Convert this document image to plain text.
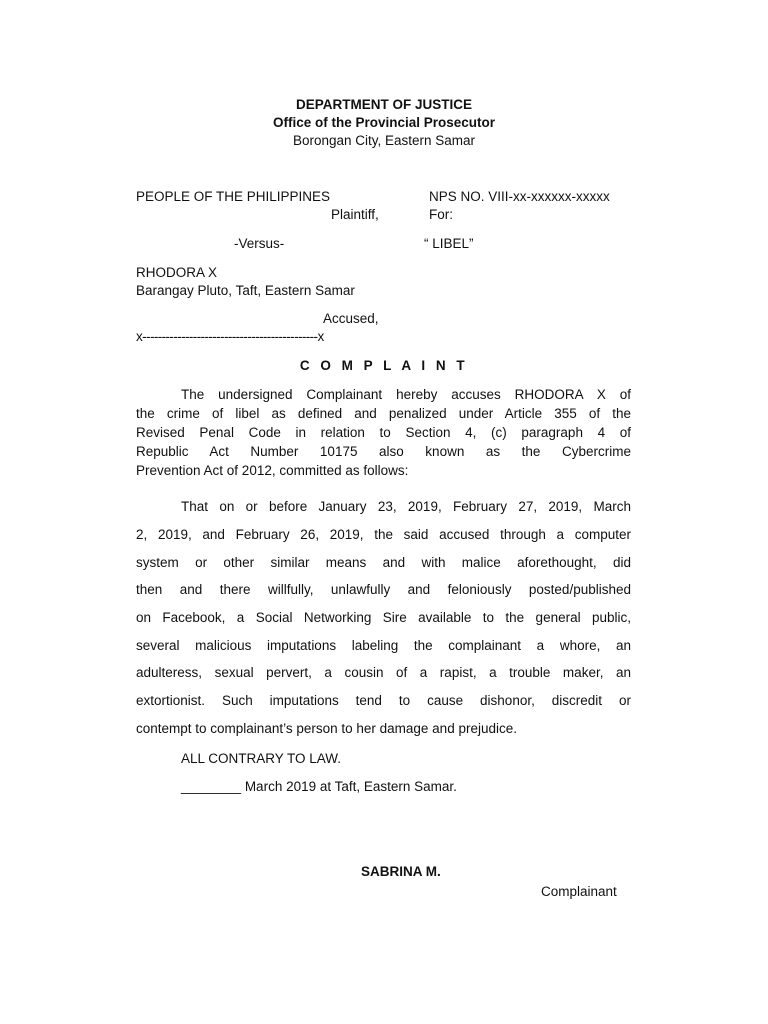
DEPARTMENT OF JUSTICE
Office of the Provincial Prosecutor
Borongan City, Eastern Samar
PEOPLE OF THE PHILIPPINES
Plaintiff,
-Versus-
RHODORA X
Barangay Pluto, Taft, Eastern Samar
Accused,
x---------------------------------------------x
NPS NO. VIII-xx-xxxxxx-xxxxx
For:
“ LIBEL”
C O M P L A I N T
The undersigned Complainant hereby accuses RHODORA X of
the crime of libel as defined and penalized under Article 355 of the
Revised Penal Code in relation to Section 4, (c) paragraph 4 of
Republic Act Number 10175 also known as the Cybercrime
Prevention Act of 2012, committed as follows:
That on or before January 23, 2019, February 27, 2019, March
2, 2019, and February 26, 2019, the said accused through a computer
system or other similar means and with malice aforethought, did
then and there willfully, unlawfully and feloniously posted/published
on Facebook, a Social Networking Sire available to the general public,
several malicious imputations labeling the complainant a whore, an
adulteress, sexual pervert, a cousin of a rapist, a trouble maker, an
extortionist. Such imputations tend to cause dishonor, discredit or
contempt to complainant’s person to her damage and prejudice.
ALL CONTRARY TO LAW.
________ March 2019 at Taft, Eastern Samar.
SABRINA M.
Complainant
